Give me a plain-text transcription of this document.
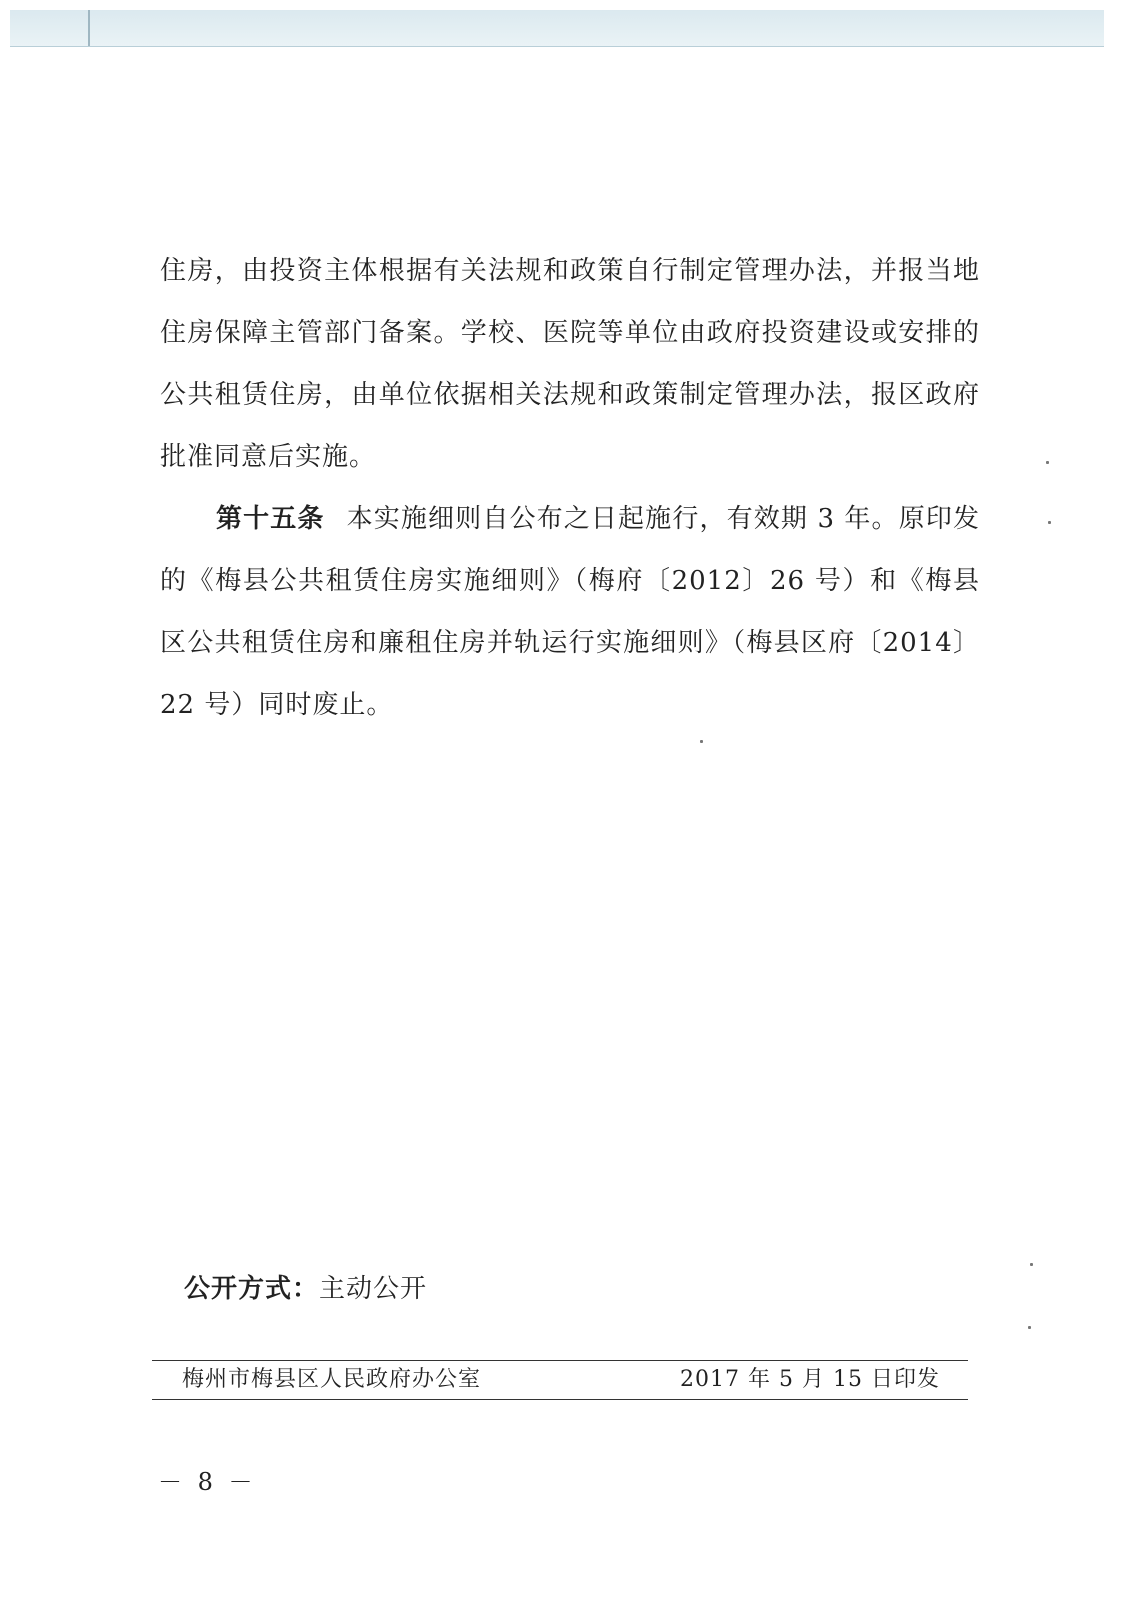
住房，由投资主体根据有关法规和政策自行制定管理办法，并报当地住房保障主管部门备案。学校、医院等单位由政府投资建设或安排的公共租赁住房，由单位依据相关法规和政策制定管理办法，报区政府批准同意后实施。

第十五条 本实施细则自公布之日起施行，有效期 3 年。原印发的《梅县公共租赁住房实施细则》（梅府〔2012〕26 号）和《梅县区公共租赁住房和廉租住房并轨运行实施细则》（梅县区府〔2014〕22 号）同时废止。

公开方式：主动公开
梅州市梅县区人民政府办公室	2017 年 5 月 15 日印发
－ 8 －
